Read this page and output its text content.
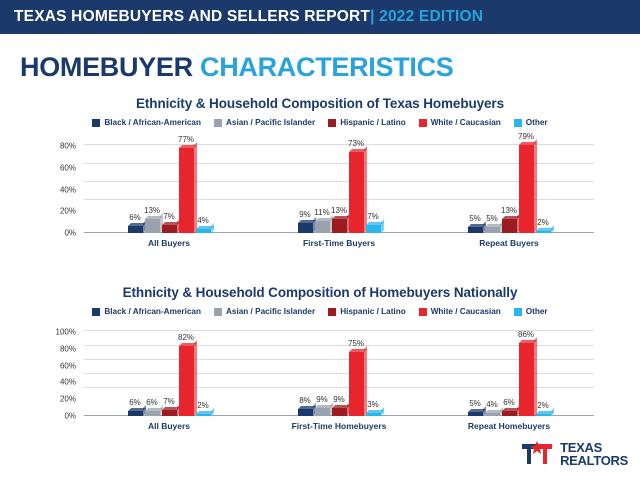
TEXAS HOMEBUYERS AND SELLERS REPORT| 2022 EDITION
HOMEBUYER CHARACTERISTICS
Ethnicity & Household Composition of Texas Homebuyers
Black / African-American	Asian / Pacific Islander	Hispanic / Latino	White / Caucasian	Other
80%
60%
40%
20%
0%
6%
13%
7%
77%
4%
9% 11% 13%
73%
7%	5% 5%
13%
79%
2%
All Buyers	First-Time Buyers	Repeat Buyers
Ethnicity & Household Composition of Homebuyers Nationally
Black / African-American	Asian / Pacific Islander	Hispanic / Latino	White / Caucasian	Other
100%
80%
60%
40%
20%
0%
6% 6% 7%
82%
2%
8% 9% 9%
75%
3%	5% 4% 6%
86%
2%
All Buyers	First-Time Homebuyers	Repeat Homebuyers
TEXAS
REALTORS
